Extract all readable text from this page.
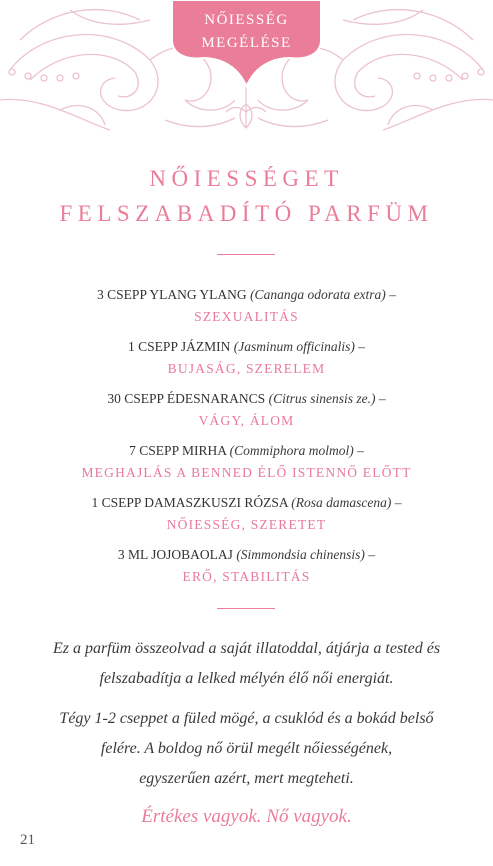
NŐIESSÉG
MEGÉLÉSE
NŐIESSÉGET
FELSZABADÍTÓ PARFÜM
3 CSEPP YLANG YLANG (Cananga odorata extra) –
SZEXUALITÁS
1 CSEPP JÁZMIN (Jasminum officinalis) –
BUJASÁG, SZERELEM
30 CSEPP ÉDESNARANCS (Citrus sinensis ze.) –
VÁGY, ÁLOM
7 CSEPP MIRHA (Commiphora molmol) –
MEGHAJLÁS A BENNED ÉLŐ ISTENNŐ ELŐTT
1 CSEPP DAMASZKUSZI RÓZSA (Rosa damascena) –
NŐIESSÉG, SZERETET
3 ML JOJOBAOLAJ (Simmondsia chinensis) –
ERŐ, STABILITÁS
Ez a parfüm összeolvad a saját illatoddal, átjárja a tested és
felszabadítja a lelked mélyén élő női energiát.
Tégy 1-2 cseppet a füled mögé, a csuklód és a bokád belső
felére. A boldog nő örül megélt nőiességének,
egyszerűen azért, mert megteheti.
Értékes vagyok. Nő vagyok.
21
